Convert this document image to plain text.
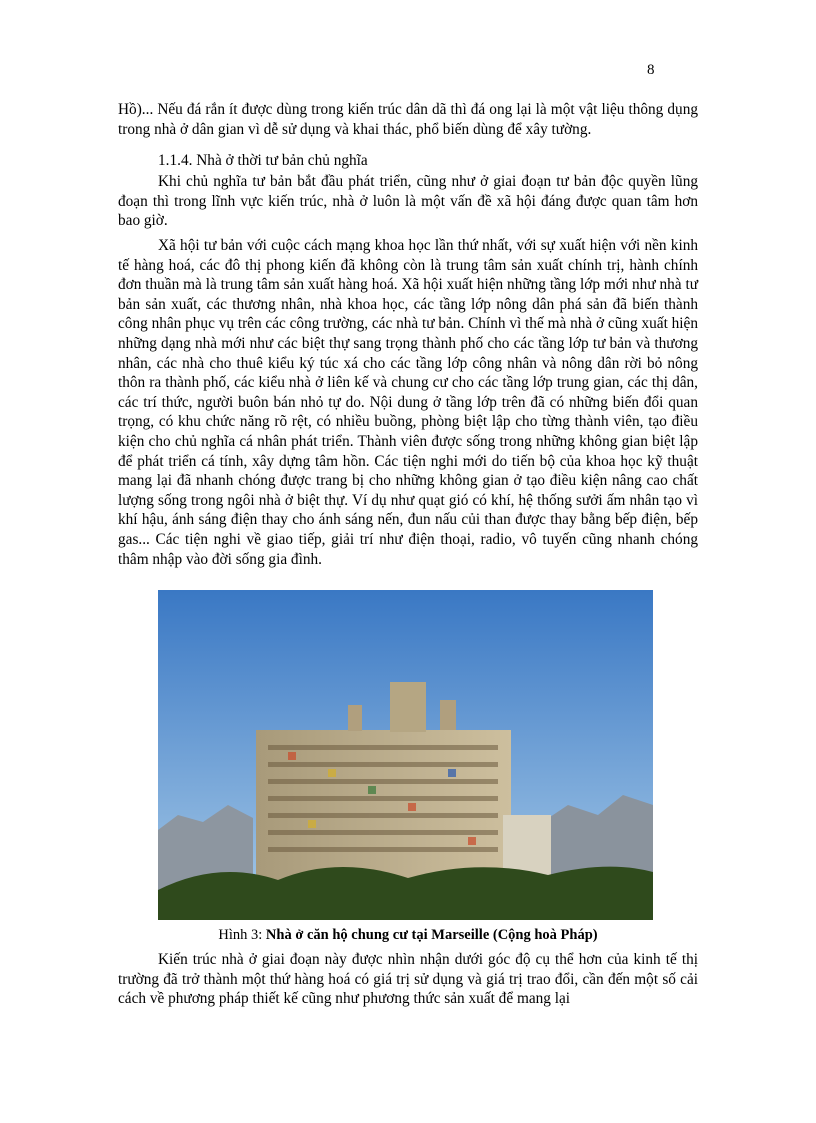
8

Hồ)... Nếu đá rắn ít được dùng trong kiến trúc dân dã thì đá ong lại là một vật liệu thông dụng trong nhà ở dân gian vì dễ sử dụng và khai thác, phổ biến dùng để xây tường.

1.1.4. Nhà ở thời tư bản chủ nghĩa

Khi chủ nghĩa tư bản bắt đầu phát triển, cũng như ở giai đoạn tư bản độc quyền lũng đoạn thì trong lĩnh vực kiến trúc, nhà ở luôn là một vấn đề xã hội đáng được quan tâm hơn bao giờ.

Xã hội tư bản với cuộc cách mạng khoa học lần thứ nhất, với sự xuất hiện với nền kinh tế hàng hoá, các đô thị phong kiến đã không còn là trung tâm sản xuất chính trị, hành chính đơn thuần mà là trung tâm sản xuất hàng hoá. Xã hội xuất hiện những tầng lớp mới như nhà tư bản sản xuất, các thương nhân, nhà khoa học, các tầng lớp nông dân phá sản đã biến thành công nhân phục vụ trên các công trường, các nhà tư bản. Chính vì thế mà nhà ở cũng xuất hiện những dạng nhà mới như các biệt thự sang trọng thành phố cho các tầng lớp tư bản và thương nhân, các nhà cho thuê kiểu ký túc xá cho các tầng lớp công nhân và nông dân rời bỏ nông thôn ra thành phố, các kiểu nhà ở liên kế và chung cư cho các tầng lớp trung gian, các thị dân, các trí thức, người buôn bán nhỏ tự do. Nội dung ở tầng lớp trên đã có những biến đổi quan trọng, có khu chức năng rõ rệt, có nhiều buồng, phòng biệt lập cho từng thành viên, tạo điều kiện cho chủ nghĩa cá nhân phát triển. Thành viên được sống trong những không gian biệt lập để phát triển cá tính, xây dựng tâm hồn. Các tiện nghi mới do tiến bộ của khoa học kỹ thuật mang lại đã nhanh chóng được trang bị cho những không gian ở tạo điều kiện nâng cao chất lượng sống trong ngôi nhà ở biệt thự. Ví dụ như quạt gió có khí, hệ thống sưởi ấm nhân tạo vì khí hậu, ánh sáng điện thay cho ánh sáng nến, đun nấu củi than được thay bằng bếp điện, bếp gas... Các tiện nghi về giao tiếp, giải trí như điện thoại, radio, vô tuyến cũng nhanh chóng thâm nhập vào đời sống gia đình.

Hình 3: Nhà ở căn hộ chung cư tại Marseille (Cộng hoà Pháp)

Kiến trúc nhà ở giai đoạn này được nhìn nhận dưới góc độ cụ thể hơn của kinh tế thị trường đã trở thành một thứ hàng hoá có giá trị sử dụng và giá trị trao đổi, cần đến một số cải cách về phương pháp thiết kế cũng như phương thức sản xuất để mang lại
